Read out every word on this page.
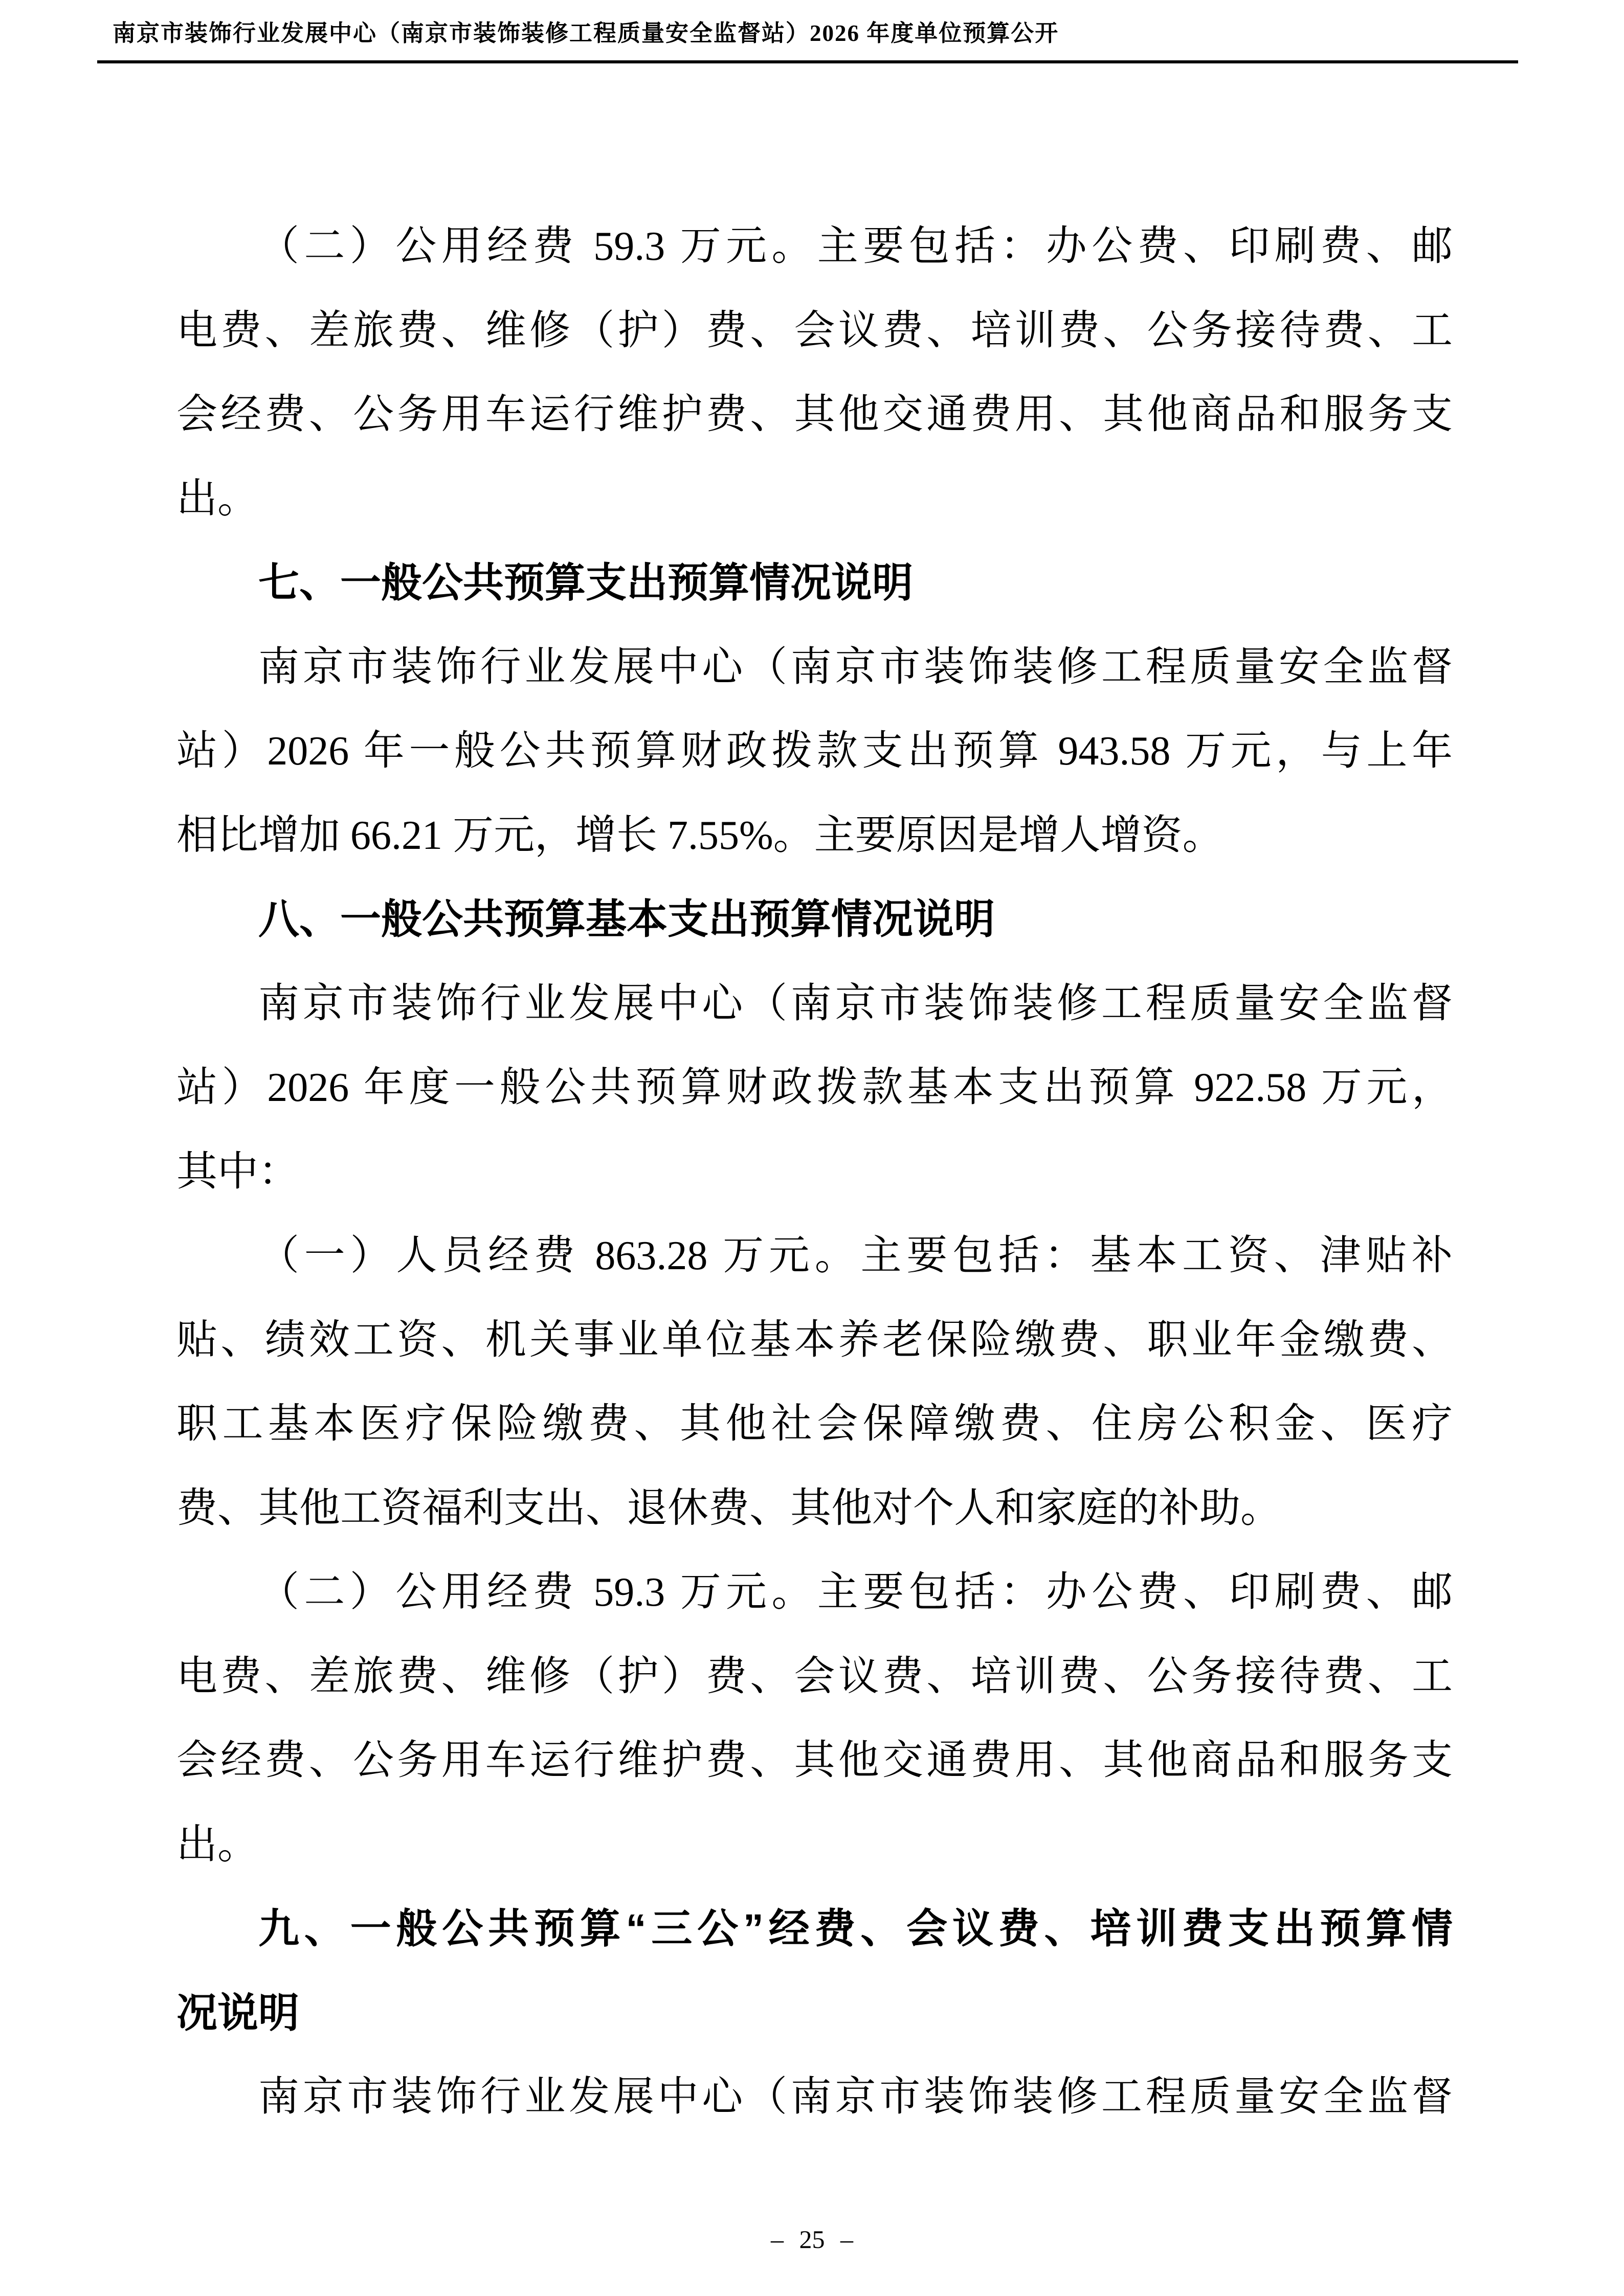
南京市装饰行业发展中心（南京市装饰装修工程质量安全监督站）2026 年度单位预算公开
（二）公用经费 59.3 万元。主要包括：办公费、印刷费、邮
电费、差旅费、维修（护）费、会议费、培训费、公务接待费、工
会经费、公务用车运行维护费、其他交通费用、其他商品和服务支
出。
七、一般公共预算支出预算情况说明
南京市装饰行业发展中心（南京市装饰装修工程质量安全监督
站）2026 年一般公共预算财政拨款支出预算 943.58 万元，与上年
相比增加 66.21 万元，增长 7.55%。主要原因是增人增资。
八、一般公共预算基本支出预算情况说明
南京市装饰行业发展中心（南京市装饰装修工程质量安全监督
站）2026 年度一般公共预算财政拨款基本支出预算 922.58 万元，
其中：
（一）人员经费 863.28 万元。主要包括：基本工资、津贴补
贴、绩效工资、机关事业单位基本养老保险缴费、职业年金缴费、
职工基本医疗保险缴费、其他社会保障缴费、住房公积金、医疗
费、其他工资福利支出、退休费、其他对个人和家庭的补助。
（二）公用经费 59.3 万元。主要包括：办公费、印刷费、邮
电费、差旅费、维修（护）费、会议费、培训费、公务接待费、工
会经费、公务用车运行维护费、其他交通费用、其他商品和服务支
出。
九、一般公共预算“三公”经费、会议费、培训费支出预算情
况说明
南京市装饰行业发展中心（南京市装饰装修工程质量安全监督
– 25 –
